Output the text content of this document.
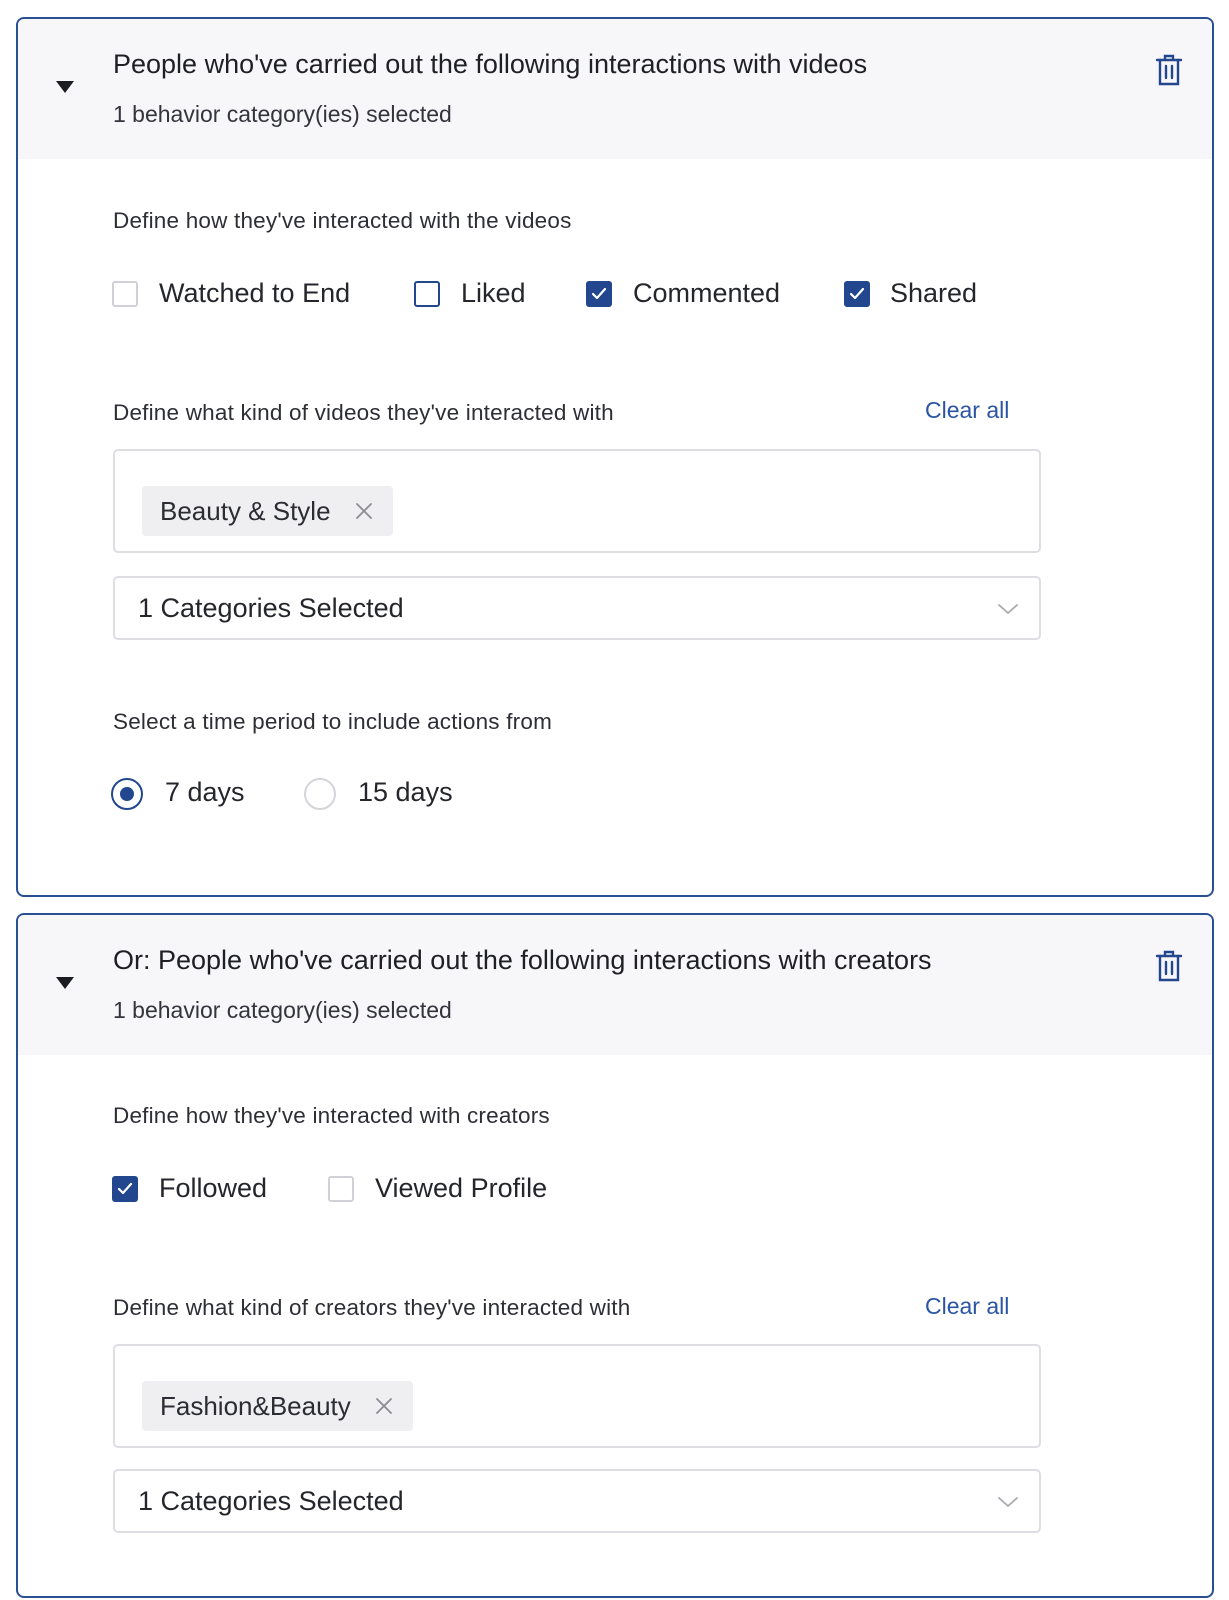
People who've carried out the following interactions with videos
1 behavior category(ies) selected
Define how they've interacted with the videos
Watched to End	Liked	Commented	Shared
Define what kind of videos they've interacted with	Clear all
Beauty & Style
1 Categories Selected
Select a time period to include actions from
7 days	15 days
Or: People who've carried out the following interactions with creators
1 behavior category(ies) selected
Define how they've interacted with creators
Followed	Viewed Profile
Define what kind of creators they've interacted with	Clear all
Fashion&Beauty
1 Categories Selected
